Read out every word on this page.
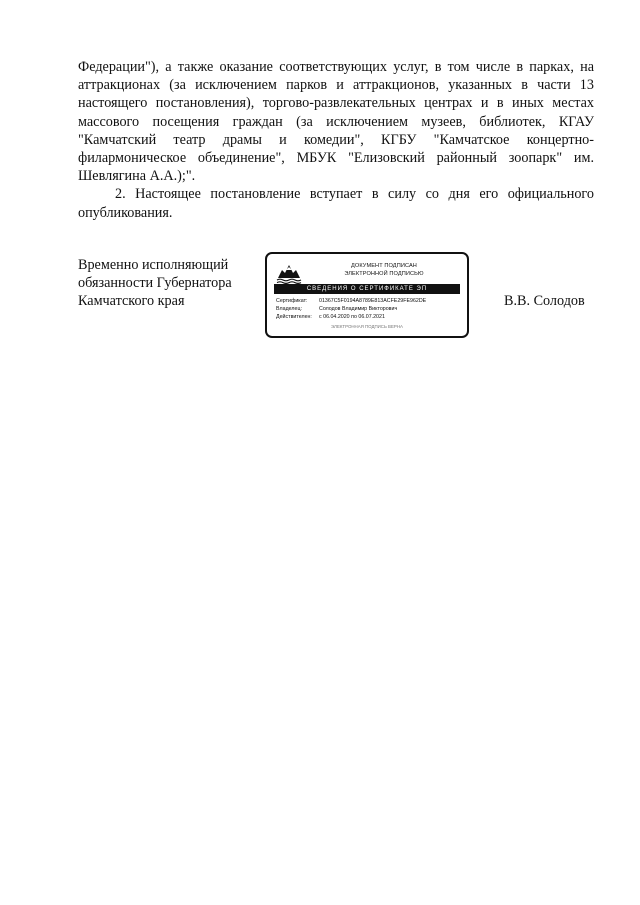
Федерации"), а также оказание соответствующих услуг, в том числе в парках, на аттракционах (за исключением парков и аттракционов, указанных в части 13 настоящего постановления), торгово-развлекательных центрах и в иных местах массового посещения граждан (за исключением музеев, библиотек, КГАУ "Камчатский театр драмы и комедии", КГБУ "Камчатское концертно-филармоническое объединение", МБУК "Елизовский районный зоопарк" им. Шевлягина А.А.);".

2. Настоящее постановление вступает в силу со дня его официального опубликования.

Временно исполняющий
обязанности Губернатора
Камчатского края
ДОКУМЕНТ ПОДПИСАН
ЭЛЕКТРОННОЙ ПОДПИСЬЮ
СВЕДЕНИЯ О СЕРТИФИКАТЕ ЭП
Сертификат: 01367C5F0194A8789E813ACFE29FE962DE
Владелец:	Солодов Владимир Викторович
Действителен: с 06.04.2020 по 06.07.2021
ЭЛЕКТРОННАЯ ПОДПИСЬ ВЕРНА
В.В. Солодов
